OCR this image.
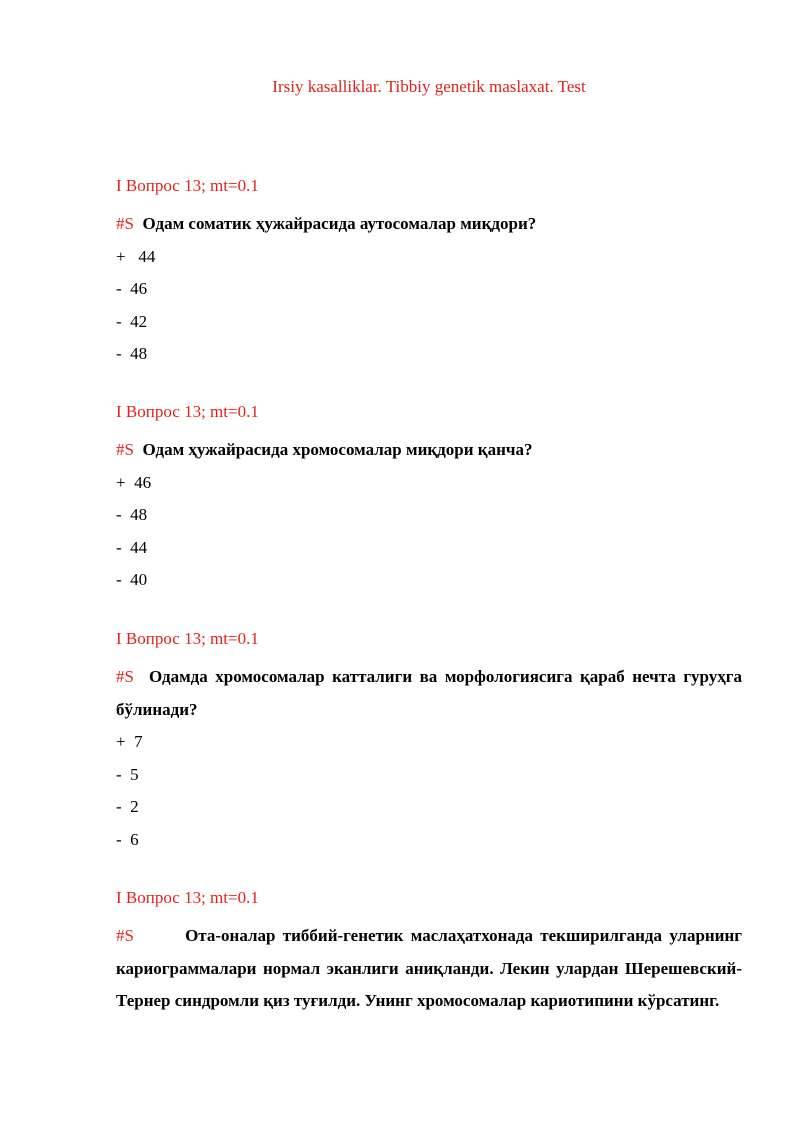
Irsiy kasalliklar. Tibbiy genetik maslaxat. Test
I Вопрос 13; mt=0.1
#S Одам соматик ҳужайрасида аутосомалар миқдори?
+   44
-  46
-  42
-  48
I Вопрос 13; mt=0.1
#S Одам ҳужайрасида хромосомалар миқдори қанча?
+  46
-  48
-  44
-  40
I Вопрос 13; mt=0.1
#S Одамда хромосомалар катталиги ва морфологиясига қараб нечта гуруҳга бўлинади?
+  7
-  5
-  2
-  6
I Вопрос 13; mt=0.1
#S	Ота-оналар тиббий-генетик маслаҳатхонада текширилганда уларнинг кариограммалари нормал эканлиги аниқланди. Лекин улардан Шерешевский-Тернер синдромли қиз туғилди. Унинг хромосомалар кариотипини кўрсатинг.
